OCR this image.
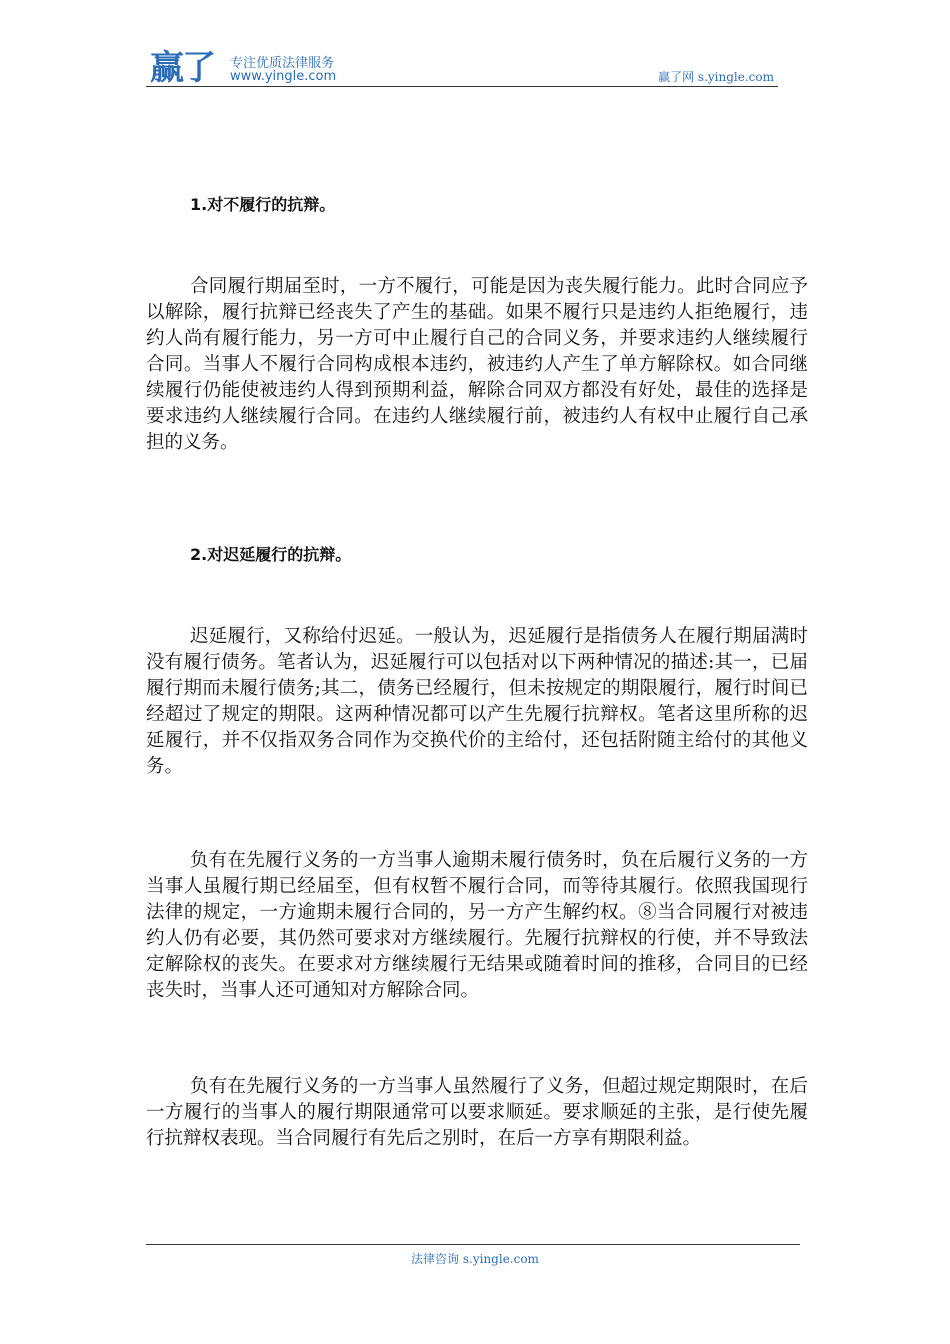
赢了 专注优质法律服务
www.yingle.com	赢了网 s.yingle.com
1.对不履行的抗辩。
合同履行期届至时，一方不履行，可能是因为丧失履行能力。此时合同应予以解除，履行抗辩已经丧失了产生的基础。如果不履行只是违约人拒绝履行，违约人尚有履行能力，另一方可中止履行自己的合同义务，并要求违约人继续履行合同。当事人不履行合同构成根本违约，被违约人产生了单方解除权。如合同继续履行仍能使被违约人得到预期利益，解除合同双方都没有好处，最佳的选择是要求违约人继续履行合同。在违约人继续履行前，被违约人有权中止履行自己承担的义务。
2.对迟延履行的抗辩。
迟延履行，又称给付迟延。一般认为，迟延履行是指债务人在履行期届满时没有履行债务。笔者认为，迟延履行可以包括对以下两种情况的描述:其一，已届履行期而未履行债务;其二，债务已经履行，但未按规定的期限履行，履行时间已经超过了规定的期限。这两种情况都可以产生先履行抗辩权。笔者这里所称的迟延履行，并不仅指双务合同作为交换代价的主给付，还包括附随主给付的其他义务。
负有在先履行义务的一方当事人逾期未履行债务时，负在后履行义务的一方当事人虽履行期已经届至，但有权暂不履行合同，而等待其履行。依照我国现行法律的规定，一方逾期未履行合同的，另一方产生解约权。⑧当合同履行对被违约人仍有必要，其仍然可要求对方继续履行。先履行抗辩权的行使，并不导致法定解除权的丧失。在要求对方继续履行无结果或随着时间的推移，合同目的已经丧失时，当事人还可通知对方解除合同。
负有在先履行义务的一方当事人虽然履行了义务，但超过规定期限时，在后一方履行的当事人的履行期限通常可以要求顺延。要求顺延的主张，是行使先履行抗辩权表现。当合同履行有先后之别时，在后一方享有期限利益。
法律咨询 s.yingle.com
